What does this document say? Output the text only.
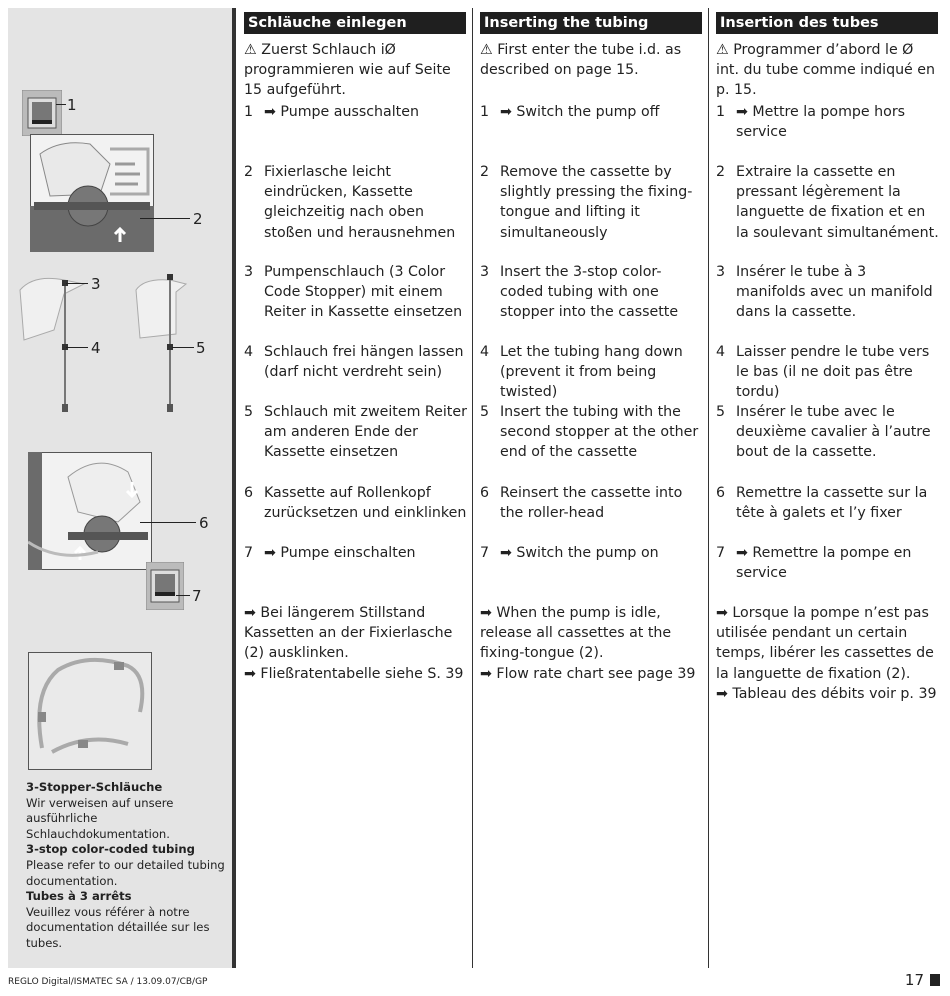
1
2
3
4	5
6
7
3-Stopper-Schläuche
Wir verweisen auf unsere ausführliche Schlauchdokumentation.
3-stop color-coded tubing
Please refer to our detailed tubing documentation.
Tubes à 3 arrêts
Veuillez vous référer à notre documentation détaillée sur les tubes.
Schläuche einlegen
⚠ Zuerst Schlauch iØ programmieren wie auf Seite 15 aufgeführt.
1 ➡ Pumpe ausschalten
2 Fixierlasche leicht eindrücken, Kassette gleichzeitig nach oben stoßen und herausnehmen
3 Pumpenschlauch (3 Color Code Stopper) mit einem Reiter in Kassette einsetzen
4 Schlauch frei hängen lassen (darf nicht verdreht sein)
5 Schlauch mit zweitem Reiter am anderen Ende der Kassette einsetzen
6 Kassette auf Rollenkopf zurücksetzen und einklinken
7 ➡ Pumpe einschalten
➡ Bei längerem Stillstand Kassetten an der Fixierlasche (2) ausklinken.
➡ Fließratentabelle siehe S. 39
Inserting the tubing
⚠ First enter the tube i.d. as described on page 15.
1 ➡ Switch the pump off
2 Remove the cassette by slightly pressing the fixing-tongue and lifting it simultaneously
3 Insert the 3-stop color-coded tubing with one stopper into the cassette
4 Let the tubing hang down (prevent it from being twisted)
5 Insert the tubing with the second stopper at the other end of the cassette
6 Reinsert the cassette into the roller-head
7 ➡ Switch the pump on
➡ When the pump is idle, release all cassettes at the fixing-tongue (2).
➡ Flow rate chart see page 39
Insertion des tubes
⚠ Programmer d’abord le Ø int. du tube comme indiqué en p. 15.
1 ➡ Mettre la pompe hors service
2 Extraire la cassette en pressant légèrement la languette de fixation et en la soulevant simultanément.
3 Insérer le tube à 3 manifolds avec un manifold dans la cassette.
4 Laisser pendre le tube vers le bas (il ne doit pas être tordu)
5 Insérer le tube avec le deuxième cavalier à l’autre bout de la cassette.
6 Remettre la cassette sur la tête à galets et l’y fixer
7 ➡ Remettre la pompe en service
➡ Lorsque la pompe n’est pas utilisée pendant un certain temps, libérer les cassettes de la languette de fixation (2).
➡ Tableau des débits voir p. 39
REGLO Digital/ISMATEC SA / 13.09.07/CB/GP	17
